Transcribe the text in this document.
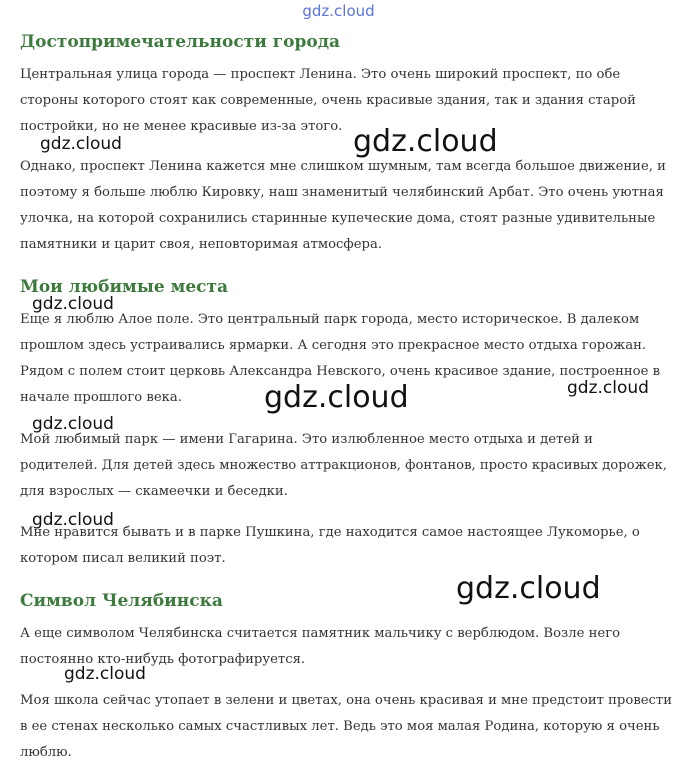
gdz.cloud
Достопримечательности города

Центральная улица города — проспект Ленина. Это очень широкий проспект, по обе стороны которого стоят как современные, очень красивые здания, так и здания старой постройки, но не менее красивые из-за этого.

Однако, проспект Ленина кажется мне слишком шумным, там всегда большое движение, и поэтому я больше люблю Кировку, наш знаменитый челябинский Арбат. Это очень уютная улочка, на которой сохранились старинные купеческие дома, стоят разные удивительные памятники и царит своя, неповторимая атмосфера.

Мои любимые места

Еще я люблю Алое поле. Это центральный парк города, место историческое. В далеком прошлом здесь устраивались ярмарки. А сегодня это прекрасное место отдыха горожан. Рядом с полем стоит церковь Александра Невского, очень красивое здание, построенное в начале прошлого века.

Мой любимый парк — имени Гагарина. Это излюбленное место отдыха и детей и родителей. Для детей здесь множество аттракционов, фонтанов, просто красивых дорожек, для взрослых — скамеечки и беседки.

Мне нравится бывать и в парке Пушкина, где находится самое настоящее Лукоморье, о котором писал великий поэт.

Символ Челябинска

А еще символом Челябинска считается памятник мальчику с верблюдом. Возле него постоянно кто-нибудь фотографируется.

Моя школа сейчас утопает в зелени и цветах, она очень красивая и мне предстоит провести в ее стенах несколько самых счастливых лет. Ведь это моя малая Родина, которую я очень люблю.

gdz.cloud
gdz.cloud
gdz.cloud
gdz.cloud	gdz.cloud
gdz.cloud
gdz.cloud
gdz.cloud
gdz.cloud
